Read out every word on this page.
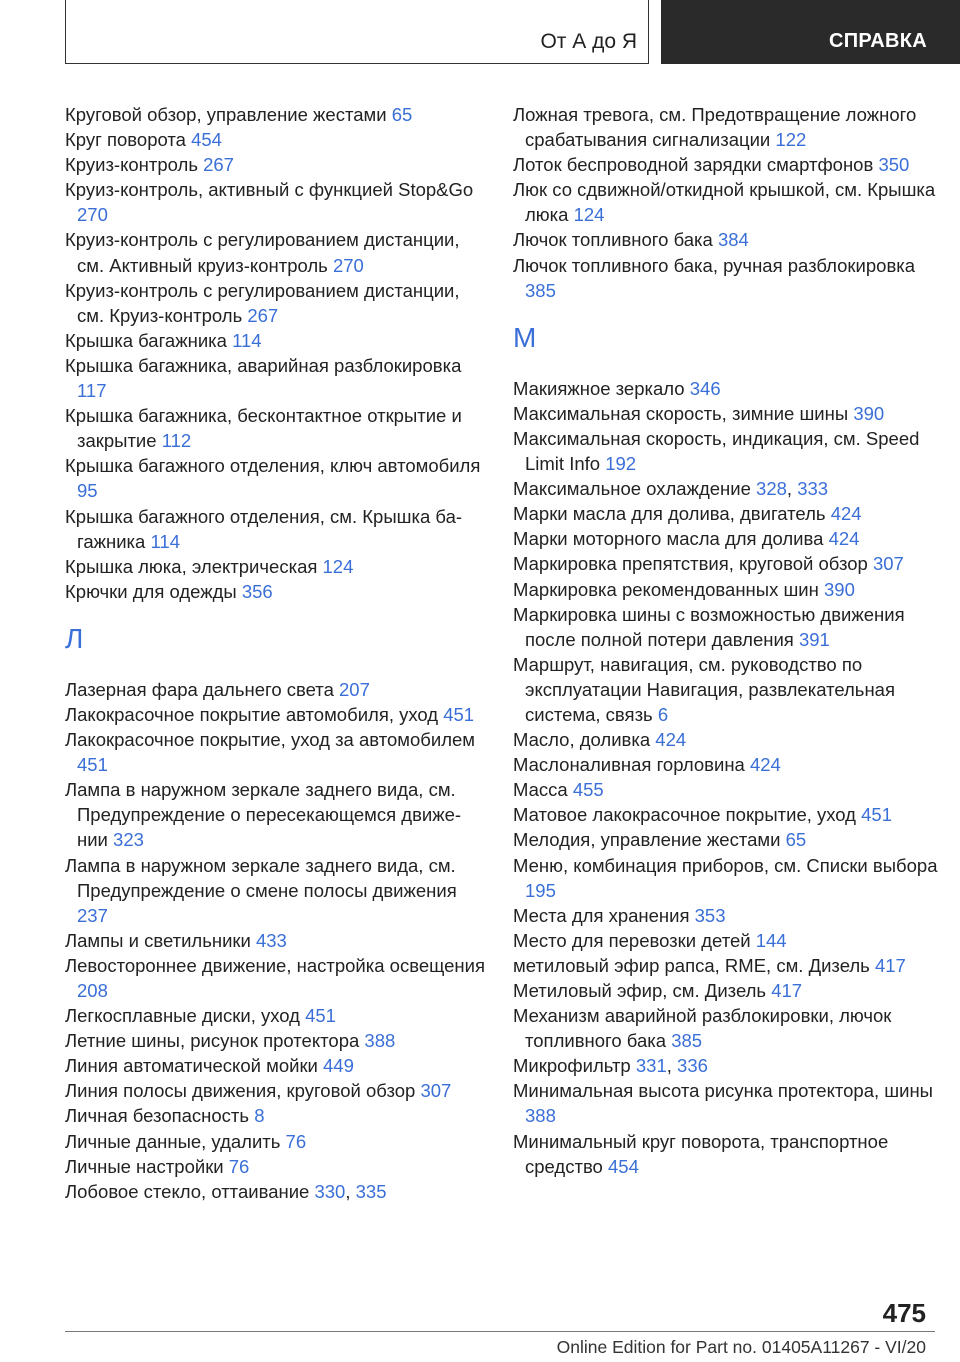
От А до Я	СПРАВКА
Круговой обзор, управление жестами 65
Круг поворота 454
Круиз-контроль 267
Круиз-контроль, активный с функцией Stop&Go 270
Круиз-контроль с регулированием дистанции, см. Активный круиз-контроль 270
Круиз-контроль с регулированием дистанции, см. Круиз-контроль 267
Крышка багажника 114
Крышка багажника, аварийная разблокировка 117
Крышка багажника, бесконтактное открытие и закрытие 112
Крышка багажного отделения, ключ автомобиля 95
Крышка багажного отделения, см. Крышка багажника 114
Крышка люка, электрическая 124
Крючки для одежды 356
Л
Лазерная фара дальнего света 207
Лакокрасочное покрытие автомобиля, уход 451
Лакокрасочное покрытие, уход за автомобилем 451
Лампа в наружном зеркале заднего вида, см. Предупреждение о пересекающемся движении 323
Лампа в наружном зеркале заднего вида, см. Предупреждение о смене полосы движения 237
Лампы и светильники 433
Левостороннее движение, настройка освещения 208
Легкосплавные диски, уход 451
Летние шины, рисунок протектора 388
Линия автоматической мойки 449
Линия полосы движения, круговой обзор 307
Личная безопасность 8
Личные данные, удалить 76
Личные настройки 76
Лобовое стекло, оттаивание 330, 335
Ложная тревога, см. Предотвращение ложного срабатывания сигнализации 122
Лоток беспроводной зарядки смартфонов 350
Люк со сдвижной/откидной крышкой, см. Крышка люка 124
Лючок топливного бака 384
Лючок топливного бака, ручная разблокировка 385
М
Макияжное зеркало 346
Максимальная скорость, зимние шины 390
Максимальная скорость, индикация, см. Speed Limit Info 192
Максимальное охлаждение 328, 333
Марки масла для долива, двигатель 424
Марки моторного масла для долива 424
Маркировка препятствия, круговой обзор 307
Маркировка рекомендованных шин 390
Маркировка шины с возможностью движения после полной потери давления 391
Маршрут, навигация, см. руководство по эксплуатации Навигация, развлекательная система, связь 6
Масло, доливка 424
Маслоналивная горловина 424
Масса 455
Матовое лакокрасочное покрытие, уход 451
Мелодия, управление жестами 65
Меню, комбинация приборов, см. Списки выбора 195
Места для хранения 353
Место для перевозки детей 144
метиловый эфир рапса, RME, см. Дизель 417
Метиловый эфир, см. Дизель 417
Механизм аварийной разблокировки, лючок топливного бака 385
Микрофильтр 331, 336
Минимальная высота рисунка протектора, шины 388
Минимальный круг поворота, транспортное средство 454
475
Online Edition for Part no. 01405A11267 - VI/20
